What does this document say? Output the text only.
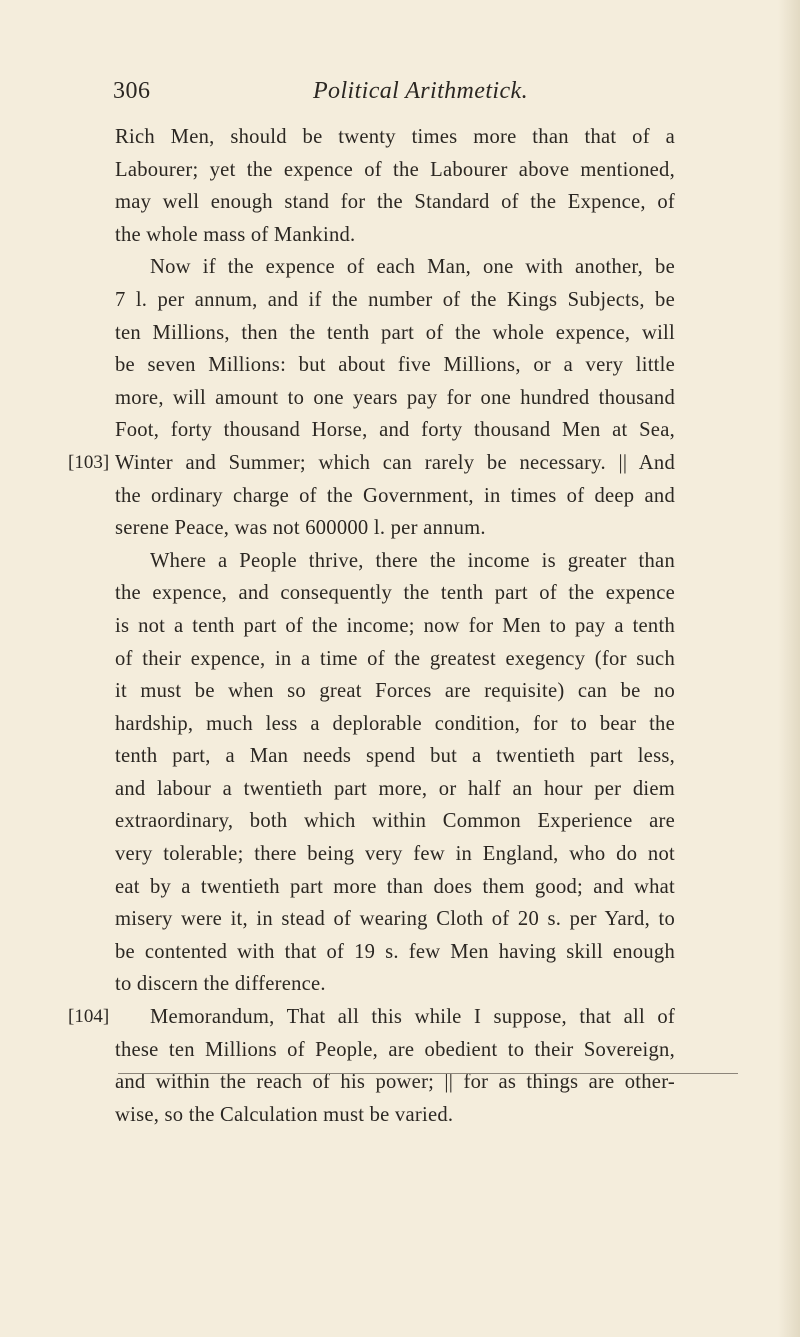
306	Political Arithmetick.
[103]
[104]
Rich Men, should be twenty times more than that of a
Labourer; yet the expence of the Labourer above mentioned,
may well enough stand for the Standard of the Expence, of
the whole mass of Mankind.
Now if the expence of each Man, one with another, be
7 l. per annum, and if the number of the Kings Subjects, be
ten Millions, then the tenth part of the whole expence, will
be seven Millions: but about five Millions, or a very little
more, will amount to one years pay for one hundred thousand
Foot, forty thousand Horse, and forty thousand Men at Sea,
Winter and Summer; which can rarely be necessary. || And
the ordinary charge of the Government, in times of deep and
serene Peace, was not 600000 l. per annum.
Where a People thrive, there the income is greater than
the expence, and consequently the tenth part of the expence
is not a tenth part of the income; now for Men to pay a tenth
of their expence, in a time of the greatest exegency (for such
it must be when so great Forces are requisite) can be no
hardship, much less a deplorable condition, for to bear the
tenth part, a Man needs spend but a twentieth part less,
and labour a twentieth part more, or half an hour per diem
extraordinary, both which within Common Experience are
very tolerable; there being very few in England, who do not
eat by a twentieth part more than does them good; and what
misery were it, in stead of wearing Cloth of 20 s. per Yard, to
be contented with that of 19 s. few Men having skill enough
to discern the difference.
Memorandum, That all this while I suppose, that all of
these ten Millions of People, are obedient to their Sovereign,
and within the reach of his power; || for as things are other-
wise, so the Calculation must be varied.
